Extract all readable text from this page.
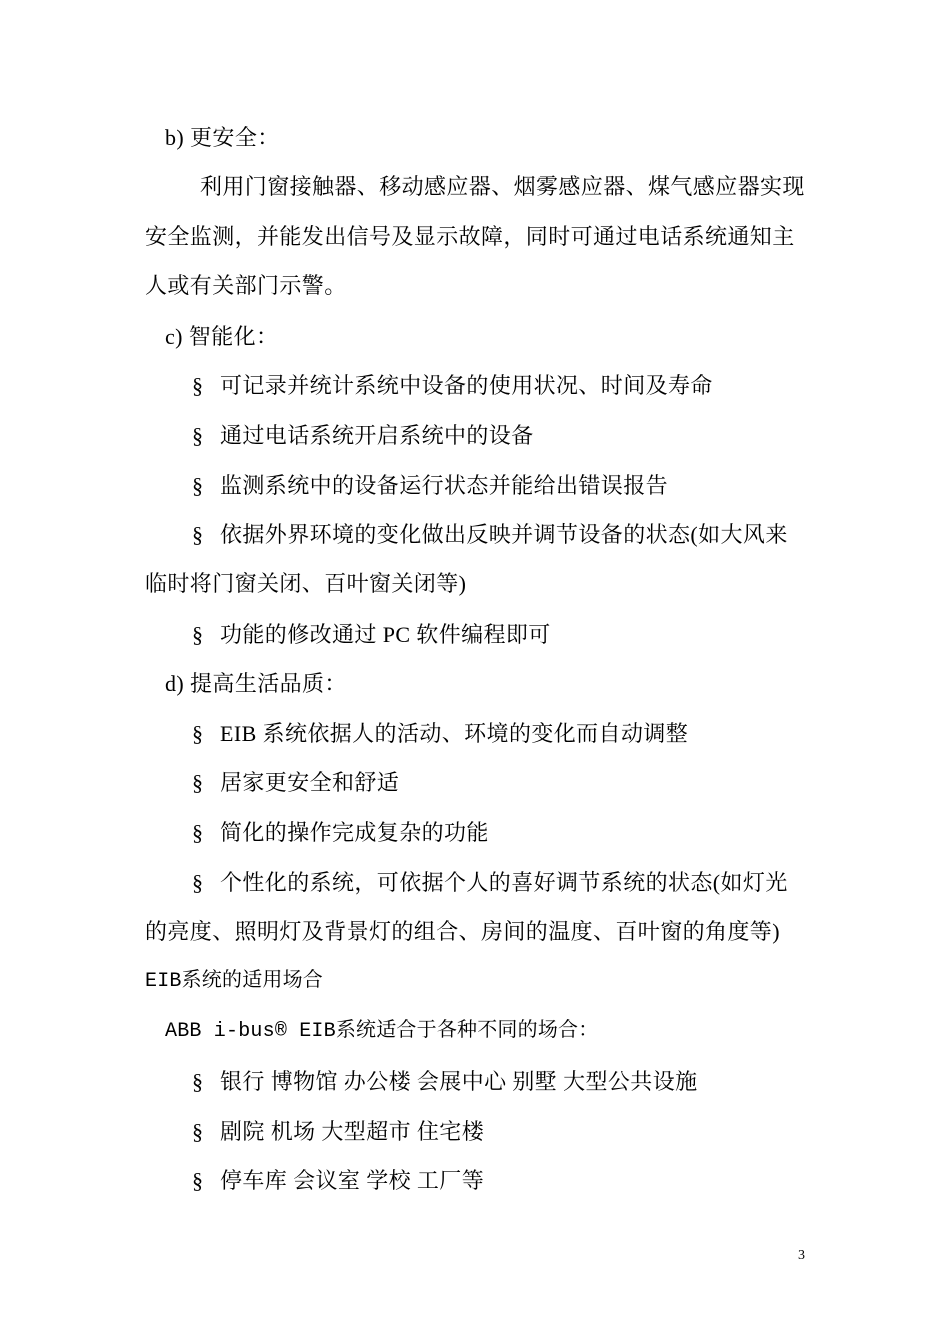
b) 更安全：
利用门窗接触器、移动感应器、烟雾感应器、煤气感应器实现
安全监测，并能发出信号及显示故障，同时可通过电话系统通知主
人或有关部门示警。
c) 智能化：
§ 可记录并统计系统中设备的使用状况、时间及寿命
§ 通过电话系统开启系统中的设备
§ 监测系统中的设备运行状态并能给出错误报告
§ 依据外界环境的变化做出反映并调节设备的状态(如大风来
临时将门窗关闭、百叶窗关闭等)
§ 功能的修改通过 PC 软件编程即可
d) 提高生活品质：
§ EIB 系统依据人的活动、环境的变化而自动调整
§ 居家更安全和舒适
§ 简化的操作完成复杂的功能
§ 个性化的系统，可依据个人的喜好调节系统的状态(如灯光
的亮度、照明灯及背景灯的组合、房间的温度、百叶窗的角度等)
EIB系统的适用场合
ABB i-bus® EIB系统适合于各种不同的场合：
§ 银行 博物馆 办公楼 会展中心 别墅 大型公共设施
§ 剧院 机场 大型超市 住宅楼
§ 停车库 会议室 学校 工厂等
3
